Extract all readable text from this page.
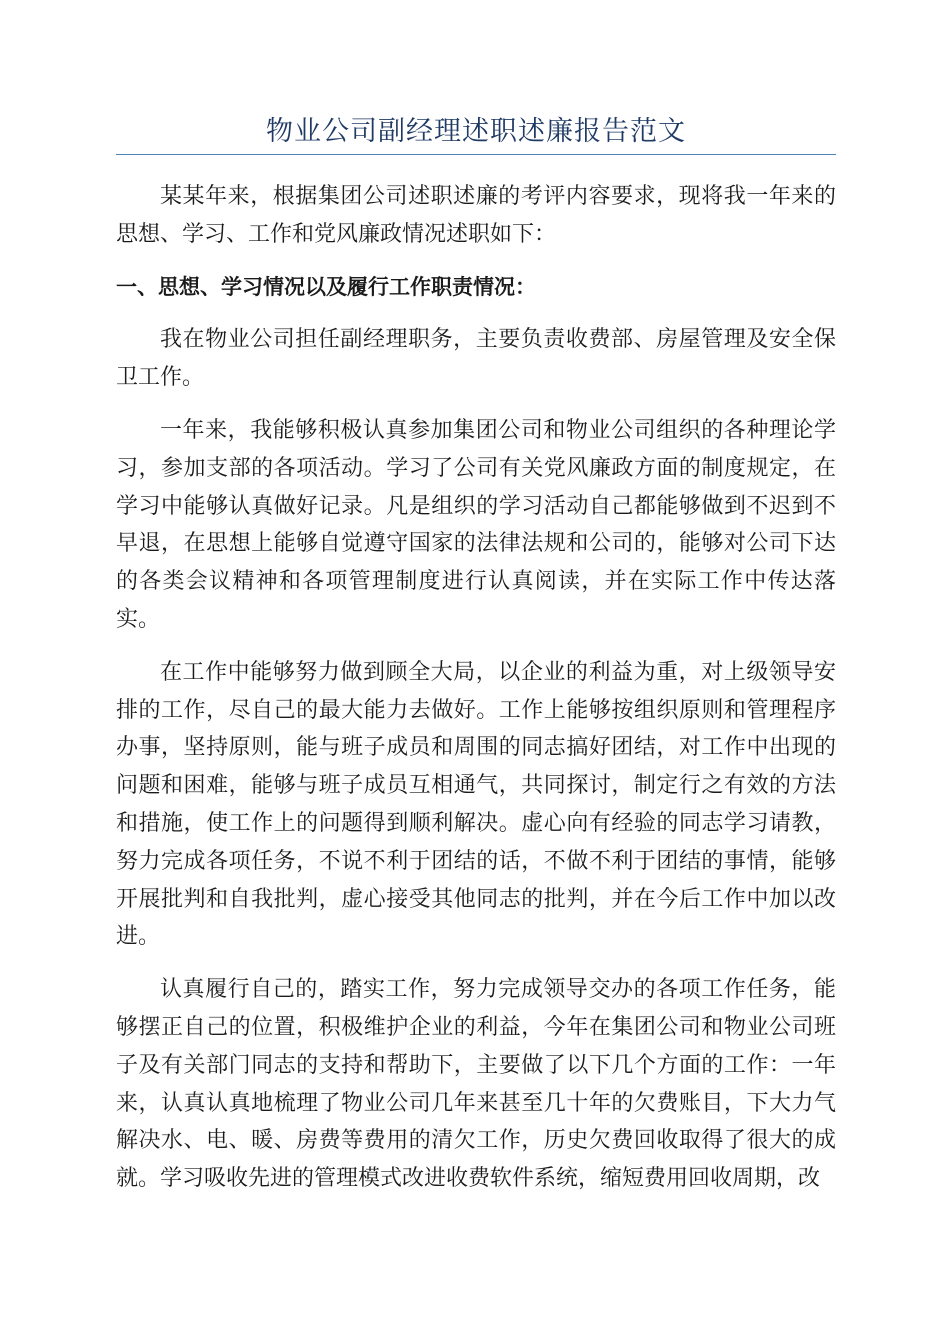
物业公司副经理述职述廉报告范文

某某年来，根据集团公司述职述廉的考评内容要求，现将我一年来的思想、学习、工作和党风廉政情况述职如下：

一、思想、学习情况以及履行工作职责情况：

我在物业公司担任副经理职务，主要负责收费部、房屋管理及安全保卫工作。

一年来，我能够积极认真参加集团公司和物业公司组织的各种理论学习，参加支部的各项活动。学习了公司有关党风廉政方面的制度规定，在学习中能够认真做好记录。凡是组织的学习活动自己都能够做到不迟到不早退，在思想上能够自觉遵守国家的法律法规和公司的，能够对公司下达的各类会议精神和各项管理制度进行认真阅读，并在实际工作中传达落实。

在工作中能够努力做到顾全大局，以企业的利益为重，对上级领导安排的工作，尽自己的最大能力去做好。工作上能够按组织原则和管理程序办事，坚持原则，能与班子成员和周围的同志搞好团结，对工作中出现的问题和困难，能够与班子成员互相通气，共同探讨，制定行之有效的方法和措施，使工作上的问题得到顺利解决。虚心向有经验的同志学习请教，努力完成各项任务，不说不利于团结的话，不做不利于团结的事情，能够开展批判和自我批判，虚心接受其他同志的批判，并在今后工作中加以改进。

认真履行自己的，踏实工作，努力完成领导交办的各项工作任务，能够摆正自己的位置，积极维护企业的利益，今年在集团公司和物业公司班子及有关部门同志的支持和帮助下，主要做了以下几个方面的工作：一年来，认真认真地梳理了物业公司几年来甚至几十年的欠费账目，下大力气解决水、电、暖、房费等费用的清欠工作，历史欠费回收取得了很大的成就。学习吸收先进的管理模式改进收费软件系统，缩短费用回收周期，改
